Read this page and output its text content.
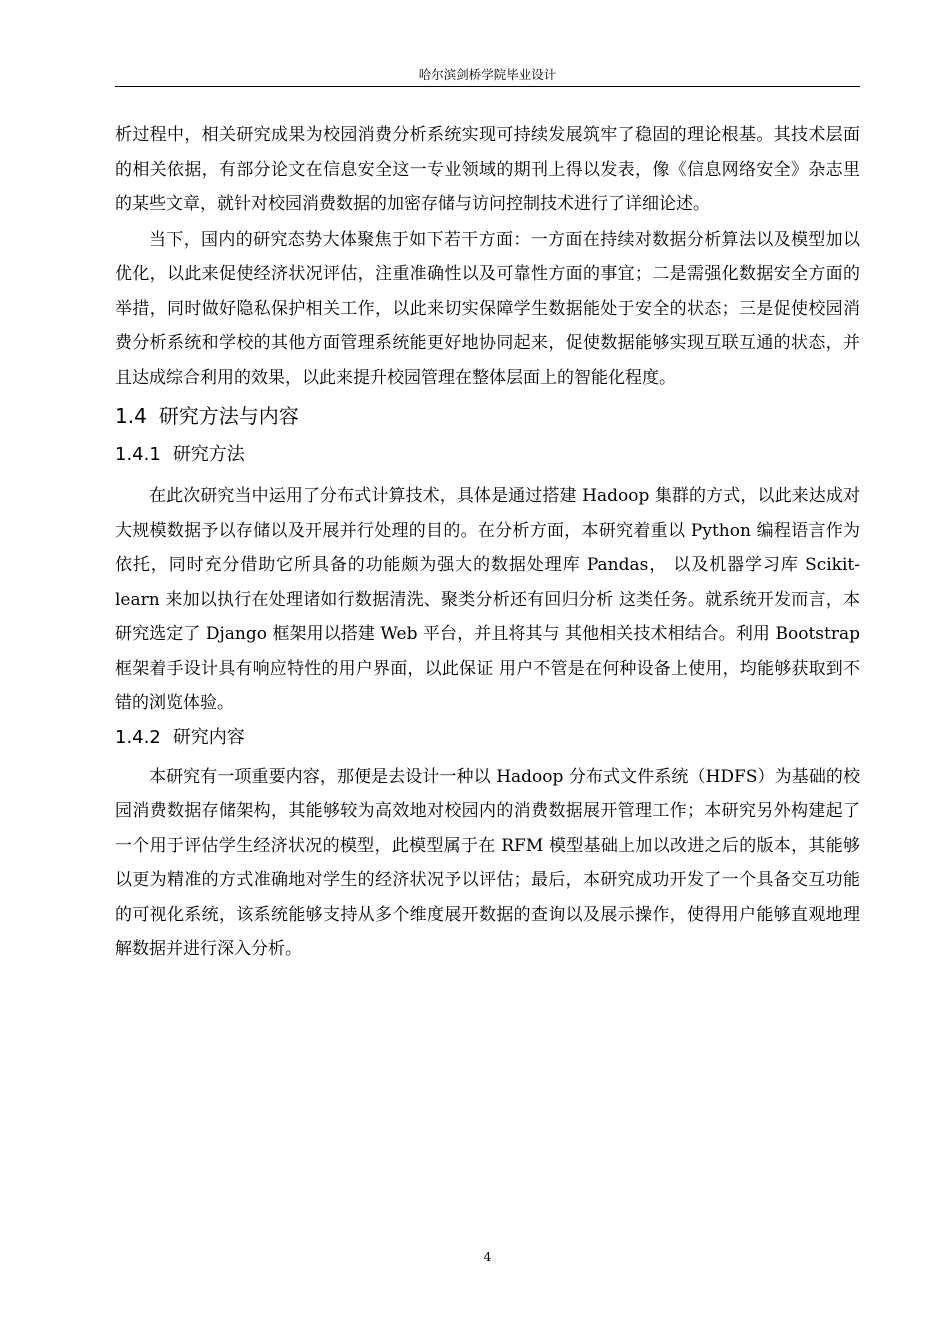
哈尔滨剑桥学院毕业设计

析过程中，相关研究成果为校园消费分析系统实现可持续发展筑牢了稳固的理论根基。其技术层面的相关依据，有部分论文在信息安全这一专业领域的期刊上得以发表，像《信息网络安全》杂志里的某些文章，就针对校园消费数据的加密存储与访问控制技术进行了详细论述。

当下，国内的研究态势大体聚焦于如下若干方面：一方面在持续对数据分析算法以及模型加以优化，以此来促使经济状况评估，注重准确性以及可靠性方面的事宜；二是需强化数据安全方面的举措，同时做好隐私保护相关工作，以此来切实保障学生数据能处于安全的状态；三是促使校园消费分析系统和学校的其他方面管理系统能更好地协同起来，促使数据能够实现互联互通的状态，并且达成综合利用的效果，以此来提升校园管理在整体层面上的智能化程度。

1.4 研究方法与内容
1.4.1 研究方法

在此次研究当中运用了分布式计算技术，具体是通过搭建 Hadoop 集群的方式，以此来达成对大规模数据予以存储以及开展并行处理的目的。在分析方面，本研究着重以 Python 编程语言作为依托，同时充分借助它所具备的功能颇为强大的数据处理库 Pandas， 以及机器学习库 Scikit-learn 来加以执行在处理诸如行数据清洗、聚类分析还有回归分析 这类任务。就系统开发而言，本研究选定了 Django 框架用以搭建 Web 平台，并且将其与 其他相关技术相结合。利用 Bootstrap 框架着手设计具有响应特性的用户界面，以此保证 用户不管是在何种设备上使用，均能够获取到不错的浏览体验。

1.4.2 研究内容

本研究有一项重要内容，那便是去设计一种以 Hadoop 分布式文件系统（HDFS）为基础的校园消费数据存储架构，其能够较为高效地对校园内的消费数据展开管理工作；本研究另外构建起了一个用于评估学生经济状况的模型，此模型属于在 RFM 模型基础上加以改进之后的版本，其能够以更为精准的方式准确地对学生的经济状况予以评估；最后，本研究成功开发了一个具备交互功能的可视化系统，该系统能够支持从多个维度展开数据的查询以及展示操作，使得用户能够直观地理解数据并进行深入分析。

4
